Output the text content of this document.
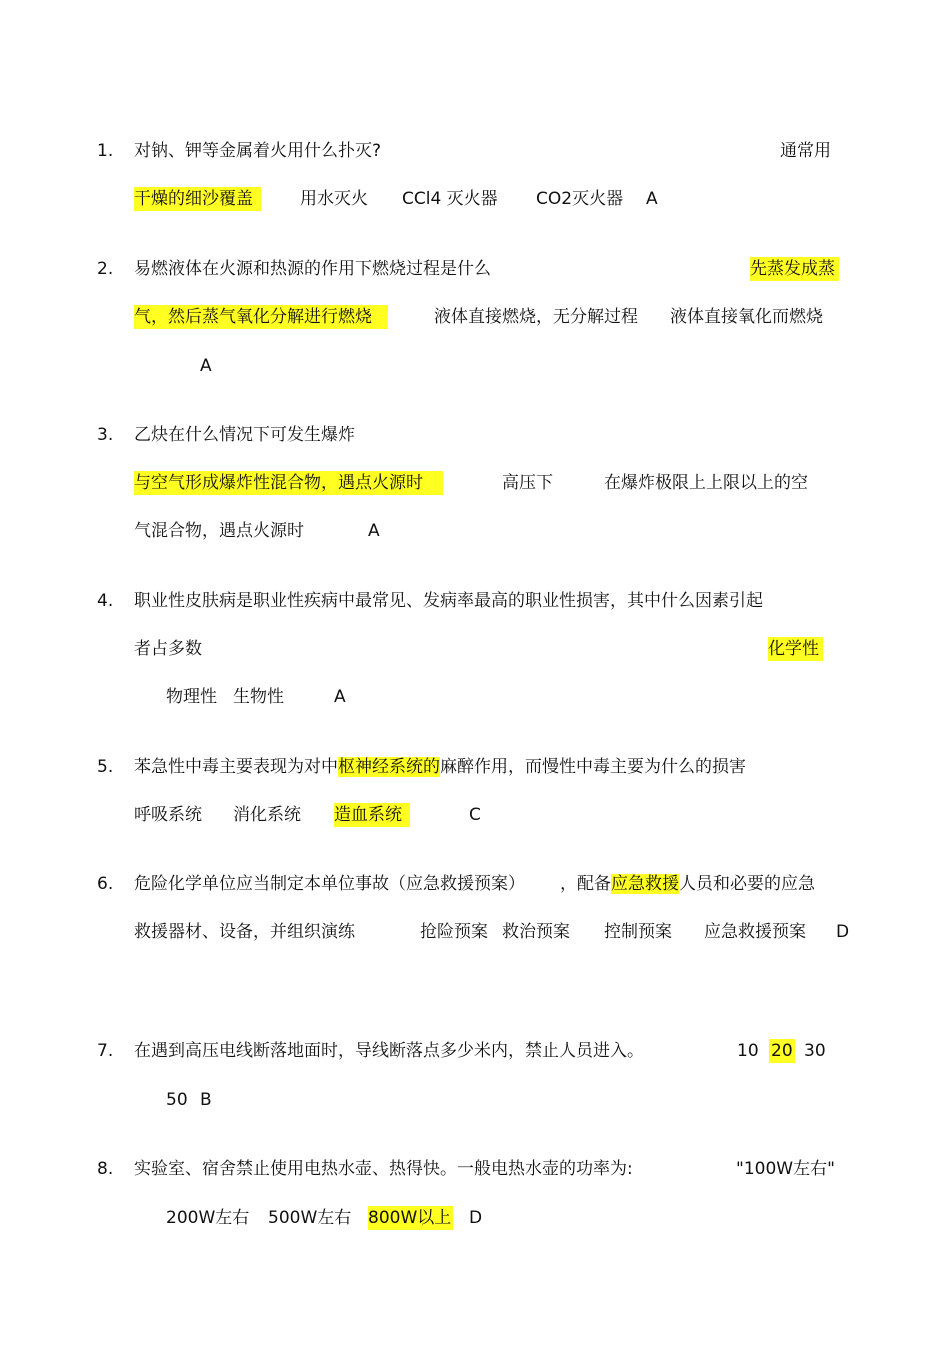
1. 对钠、钾等金属着火用什么扑灭?	通常用
干燥的细沙覆盖	用水灭火 CCl4 灭火器 CO2灭火器 A
2. 易燃液体在火源和热源的作用下燃烧过程是什么	先蒸发成蒸
气，然后蒸气氧化分解进行燃烧	液体直接燃烧，无分解过程 液体直接氧化而燃烧
A
3. 乙炔在什么情况下可发生爆炸
与空气形成爆炸性混合物，遇点火源时	高压下	在爆炸极限上上限以上的空
气混合物，遇点火源时	A
4. 职业性皮肤病是职业性疾病中最常见、发病率最高的职业性损害，其中什么因素引起
者占多数	化学性
物理性 生物性	A
5. 苯急性中毒主要表现为对中枢神经系统的麻醉作用，而慢性中毒主要为什么的损害
呼吸系统 消化系统 造血系统	C
6. 危险化学单位应当制定本单位事故（应急救援预案） ，配备应急救援人员和必要的应急
救援器材、设备，并组织演练	抢险预案 救治预案 控制预案 应急救援预案 D
7. 在遇到高压电线断落地面时，导线断落点多少米内，禁止人员进入。	10 20 30
50 B
8. 实验室、宿舍禁止使用电热水壶、热得快。一般电热水壶的功率为:	"100W左右"
200W左右 500W左右 800W以上 D
